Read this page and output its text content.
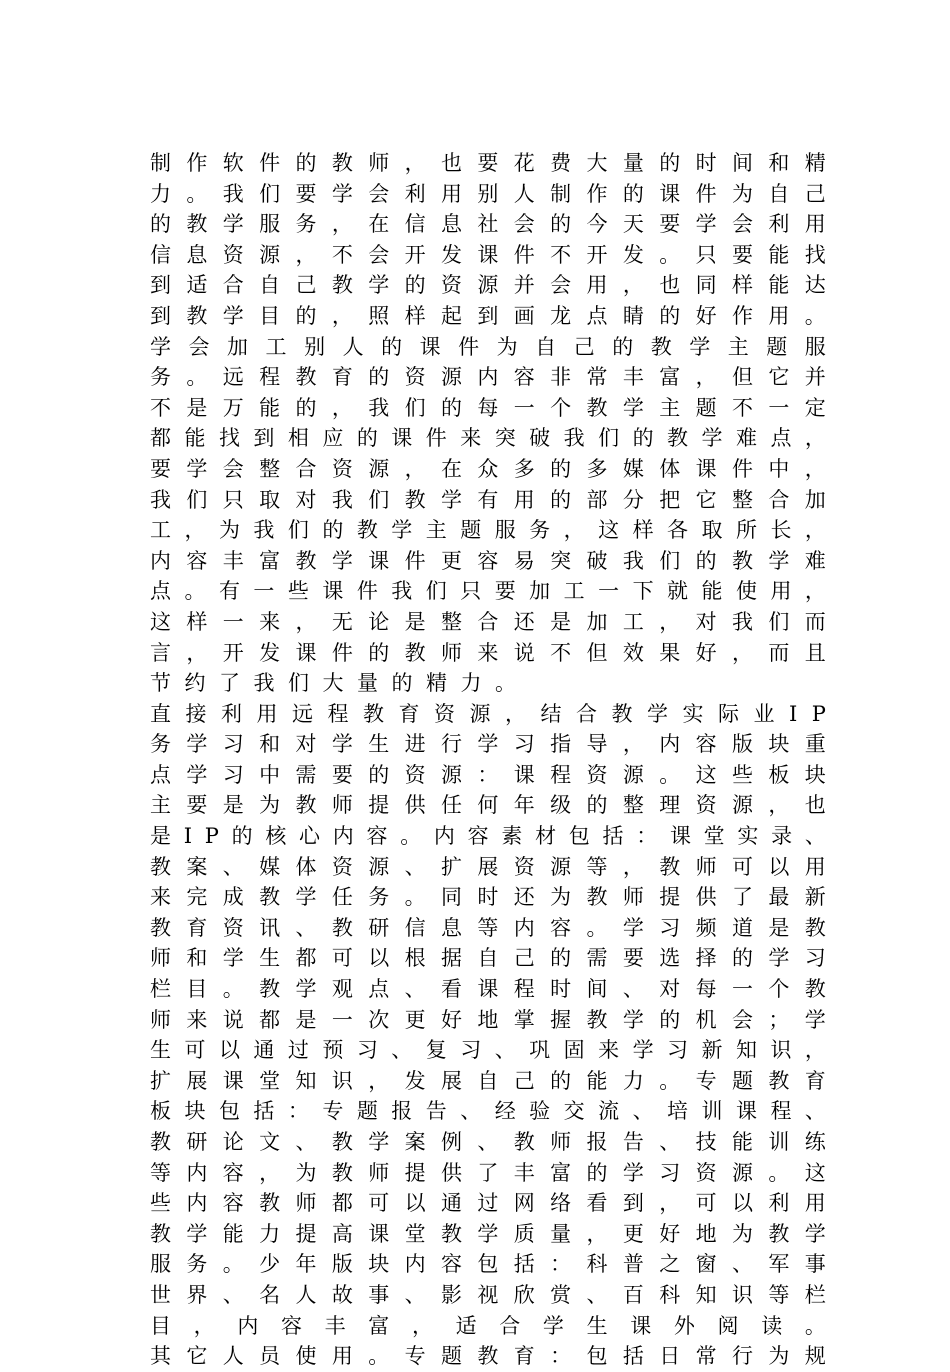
制 作 软 件 的 教 师 ， 也 要 花 费 大 量 的 时 间 和 精
力 。 我 们 要 学 会 利 用 别 人 制 作 的 课 件 为 自 己
的 教 学 服 务 ， 在 信 息 社 会 的 今 天 要 学 会 利 用
信 息 资 源 ， 不 会 开 发 课 件 不 开 发 。 只 要 能 找
到 适 合 自 己 教 学 的 资 源 并 会 用 ， 也 同 样 能 达
到 教 学 目 的 ， 照 样 起 到 画 龙 点 睛 的 好 作 用 。
学 会 加 工 别 人 的 课 件 为 自 己 的 教 学 主 题 服
务 。 远 程 教 育 的 资 源 内 容 非 常 丰 富 ， 但 它 并
不 是 万 能 的 ， 我 们 的 每 一 个 教 学 主 题 不 一 定
都 能 找 到 相 应 的 课 件 来 突 破 我 们 的 教 学 难 点 ，
要 学 会 整 合 资 源 ， 在 众 多 的 多 媒 体 课 件 中 ，
我 们 只 取 对 我 们 教 学 有 用 的 部 分 把 它 整 合 加
工 ， 为 我 们 的 教 学 主 题 服 务 ， 这 样 各 取 所 长 ，
内 容 丰 富 教 学 课 件 更 容 易 突 破 我 们 的 教 学 难
点 。 有 一 些 课 件 我 们 只 要 加 工 一 下 就 能 使 用 ，
这 样 一 来 ， 无 论 是 整 合 还 是 加 工 ， 对 我 们 而
言 ， 开 发 课 件 的 教 师 来 说 不 但 效 果 好 ， 而 且
节 约 了 我 们 大 量 的 精 力 。
直 接 利 用 远 程 教 育 资 源 ， 结 合 教 学 实 际 业 I P
务 学 习 和 对 学 生 进 行 学 习 指 导 ， 内 容 版 块 重
点 学 习 中 需 要 的 资 源 ： 课 程 资 源 。 这 些 板 块
主 要 是 为 教 师 提 供 任 何 年 级 的 整 理 资 源 ， 也
是 I P 的 核 心 内 容 。 内 容 素 材 包 括 ： 课 堂 实 录 、
教 案 、 媒 体 资 源 、 扩 展 资 源 等 ， 教 师 可 以 用
来 完 成 教 学 任 务 。 同 时 还 为 教 师 提 供 了 最 新
教 育 资 讯 、 教 研 信 息 等 内 容 。 学 习 频 道 是 教
师 和 学 生 都 可 以 根 据 自 己 的 需 要 选 择 的 学 习
栏 目 。 教 学 观 点 、 看 课 程 时 间 、 对 每 一 个 教
师 来 说 都 是 一 次 更 好 地 掌 握 教 学 的 机 会 ； 学
生 可 以 通 过 预 习 、 复 习 、 巩 固 来 学 习 新 知 识 ，
扩 展 课 堂 知 识 ， 发 展 自 己 的 能 力 。 专 题 教 育
板 块 包 括 ： 专 题 报 告 、 经 验 交 流 、 培 训 课 程 、
教 研 论 文 、 教 学 案 例 、 教 师 报 告 、 技 能 训 练
等 内 容 ， 为 教 师 提 供 了 丰 富 的 学 习 资 源 。 这
些 内 容 教 师 都 可 以 通 过 网 络 看 到 ， 可 以 利 用
教 学 能 力 提 高 课 堂 教 学 质 量 ， 更 好 地 为 教 学
服 务 。 少 年 版 块 内 容 包 括 ： 科 普 之 窗 、 军 事
世 界 、 名 人 故 事 、 影 视 欣 赏 、 百 科 知 识 等 栏
目 ， 内 容 丰 富 ， 适 合 学 生 课 外 阅 读 。
其 它 人 员 使 用 。 专 题 教 育 ： 包 括 日 常 行 为 规
